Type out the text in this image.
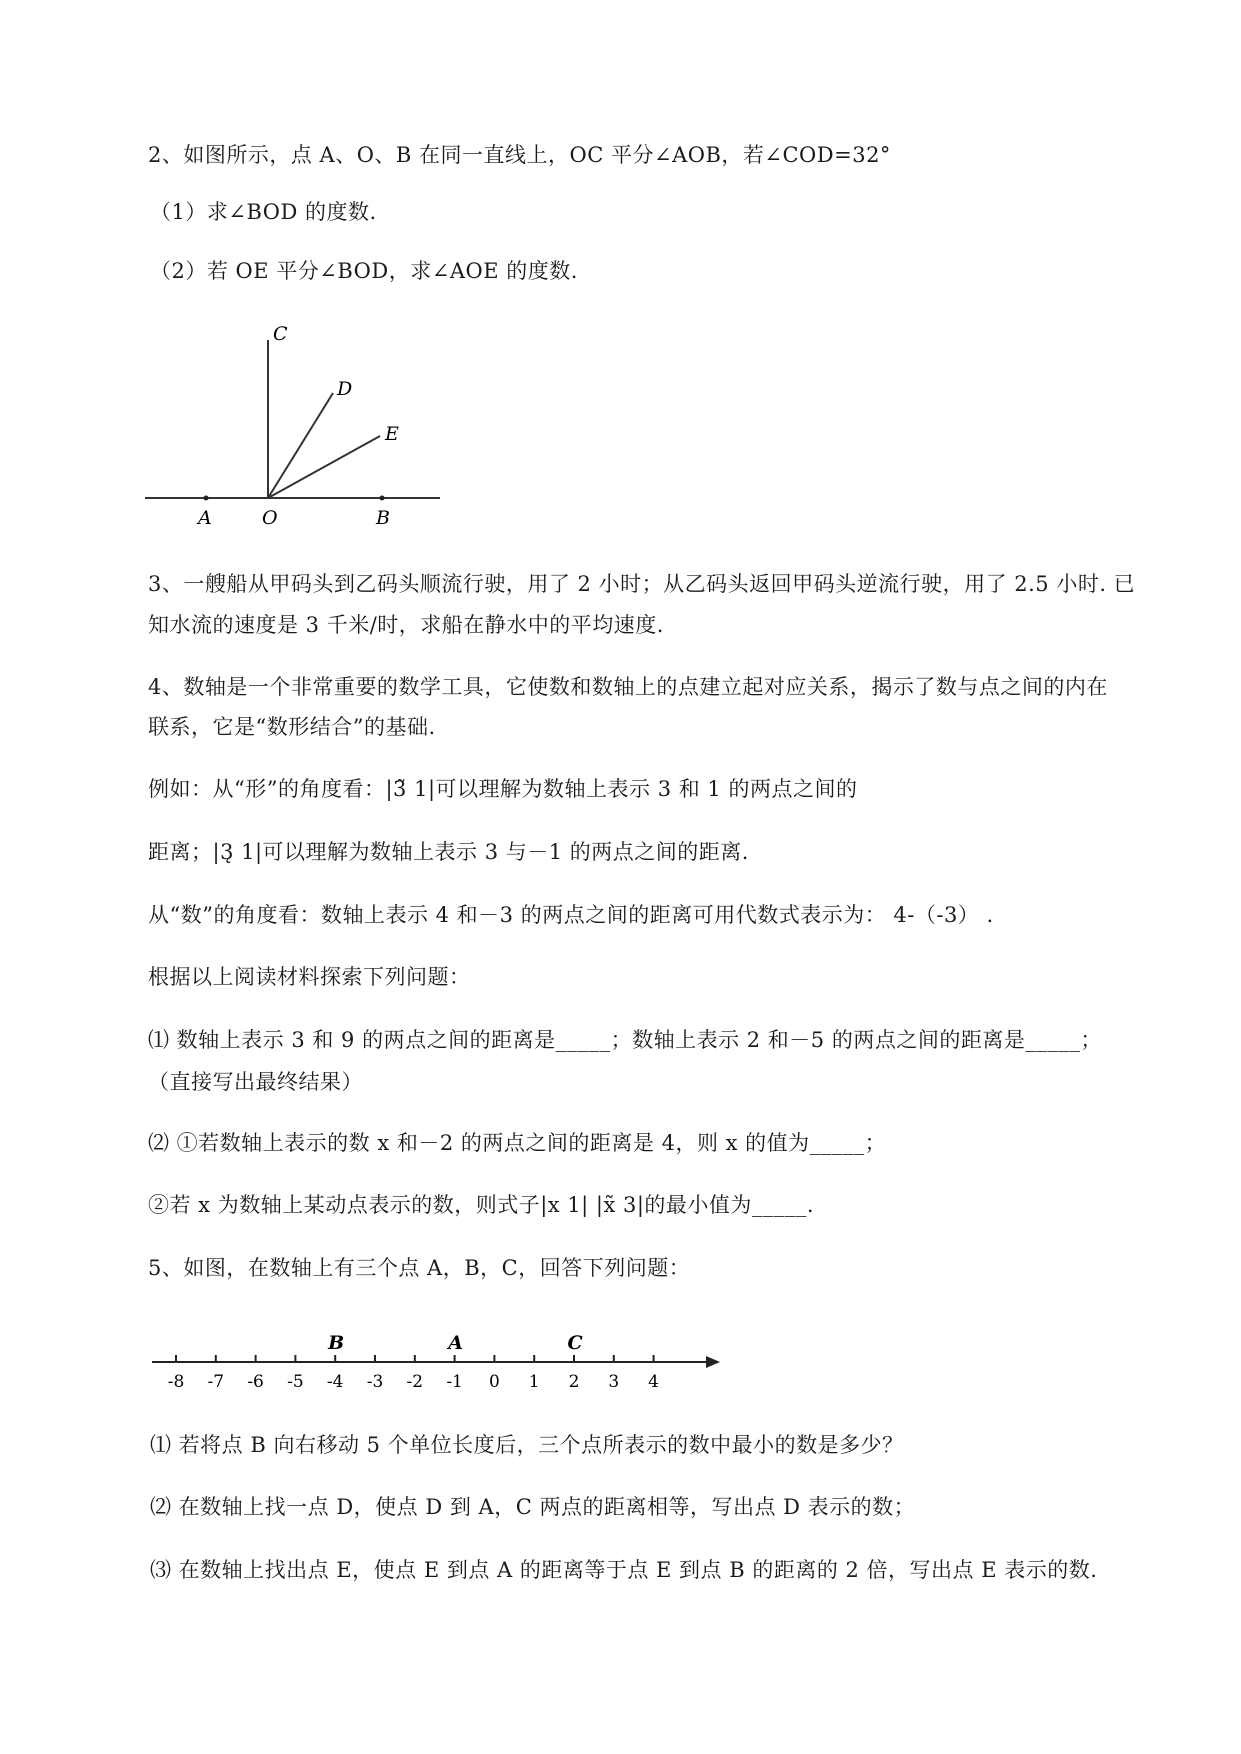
2、如图所示，点 A、O、B 在同一直线上，OC 平分∠AOB，若∠COD=32°
（1）求∠BOD 的度数.
（2）若 OE 平分∠BOD，求∠AOE 的度数.
C
D
E
A	O	B
3、一艘船从甲码头到乙码头顺流行驶，用了 2 小时；从乙码头返回甲码头逆流行驶，用了 2.5 小时. 已
知水流的速度是 3 千米/时，求船在静水中的平均速度.
4、数轴是一个非常重要的数学工具，它使数和数轴上的点建立起对应关系，揭示了数与点之间的内在
联系，它是“数形结合”的基础.
例如：从“形”的角度看：|3̃ 1|可以理解为数轴上表示 3 和 1 的两点之间的
距离；|3̨ 1|可以理解为数轴上表示 3 与－1 的两点之间的距离.
从“数”的角度看：数轴上表示 4 和－3 的两点之间的距离可用代数式表示为： 4-（-3） .
根据以上阅读材料探索下列问题：
⑴ 数轴上表示 3 和 9 的两点之间的距离是_____；数轴上表示 2 和－5 的两点之间的距离是_____；
（直接写出最终结果）
⑵ ①若数轴上表示的数 x 和－2 的两点之间的距离是 4，则 x 的值为_____；
②若 x 为数轴上某动点表示的数，则式子|x 1| |x̃ 3|的最小值为_____.
5、如图，在数轴上有三个点 A，B，C，回答下列问题：
-8 -7 -6 -5 -4 -3 -2 -1 0 1 2 3 4
B	A	C
⑴ 若将点 B 向右移动 5 个单位长度后，三个点所表示的数中最小的数是多少？
⑵ 在数轴上找一点 D，使点 D 到 A，C 两点的距离相等，写出点 D 表示的数；
⑶ 在数轴上找出点 E，使点 E 到点 A 的距离等于点 E 到点 B 的距离的 2 倍，写出点 E 表示的数.
